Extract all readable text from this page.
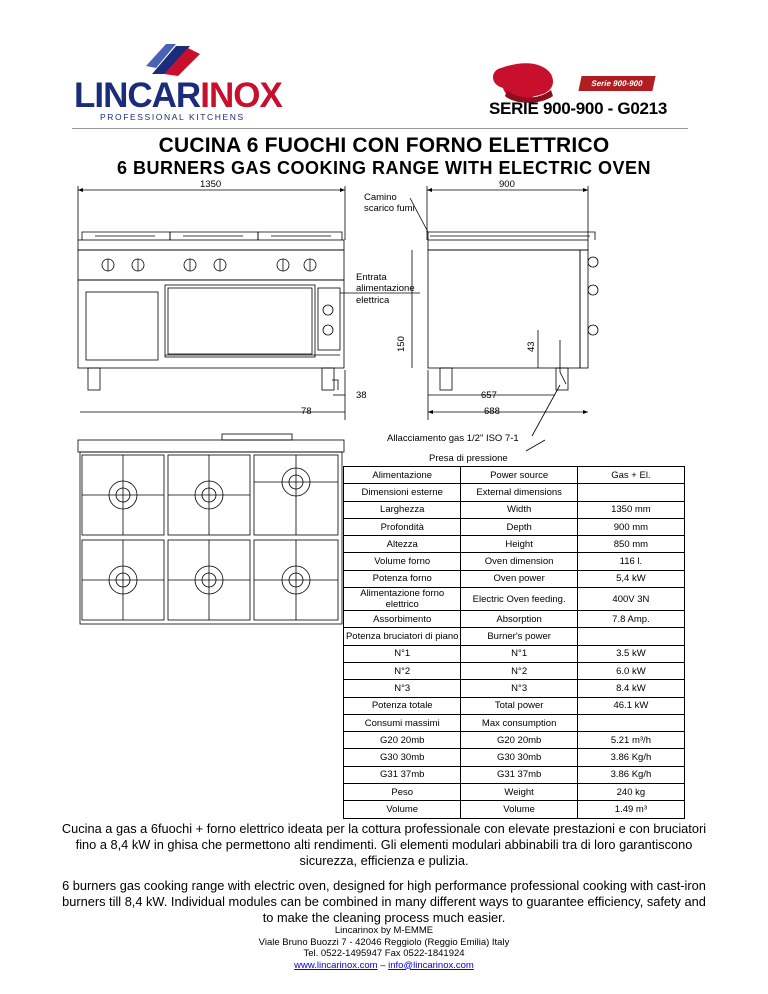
LINCARINOX
PROFESSIONAL KITCHENS
Serie 900-900
SERIE 900-900 - G0213
CUCINA 6 FUOCHI CON FORNO ELETTRICO
6 BURNERS GAS COOKING RANGE WITH ELECTRIC OVEN
1350	900
Camino
scarico fumi
Entrata
alimentazione
elettrica
150	43
38	657
78	688
Allacciamento gas 1/2" ISO 7-1
Presa di pressione
Alimentazione	Power source	Gas + El.
Dimensioni esterne	External dimensions	
Larghezza	Width	1350 mm
Profondità	Depth	900 mm
Altezza	Height	850 mm
Volume forno	Oven dimension	116 l.
Potenza forno	Oven power	5,4 kW
Alimentazione forno elettrico	Electric Oven feeding.	400V 3N
Assorbimento	Absorption	7.8 Amp.
Potenza bruciatori di piano	Burner's power	
N°1	N°1	3.5 kW
N°2	N°2	6.0 kW
N°3	N°3	8.4 kW
Potenza totale	Total power	46.1 kW
Consumi massimi	Max consumption	
G20 20mb	G20 20mb	5.21 m³/h
G30 30mb	G30 30mb	3.86 Kg/h
G31 37mb	G31 37mb	3.86 Kg/h
Peso	Weight	240 kg
Volume	Volume	1.49 m³
Cucina a gas a 6fuochi + forno elettrico ideata per la cottura professionale con elevate prestazioni e con bruciatori fino a 8,4 kW in ghisa che permettono alti rendimenti. Gli elementi modulari abbinabili tra di loro garantiscono sicurezza, efficienza e pulizia.
6 burners gas cooking range with electric oven, designed for high performance professional cooking with cast-iron burners till 8,4 kW. Individual modules can be combined in many different ways to guarantee efficiency, safety and to make the cleaning process much easier.
Lincarinox by M-EMME
Viale Bruno Buozzi 7 - 42046 Reggiolo (Reggio Emilia) Italy
Tel. 0522-1495947 Fax 0522-1841924
www.lincarinox.com – info@lincarinox.com
